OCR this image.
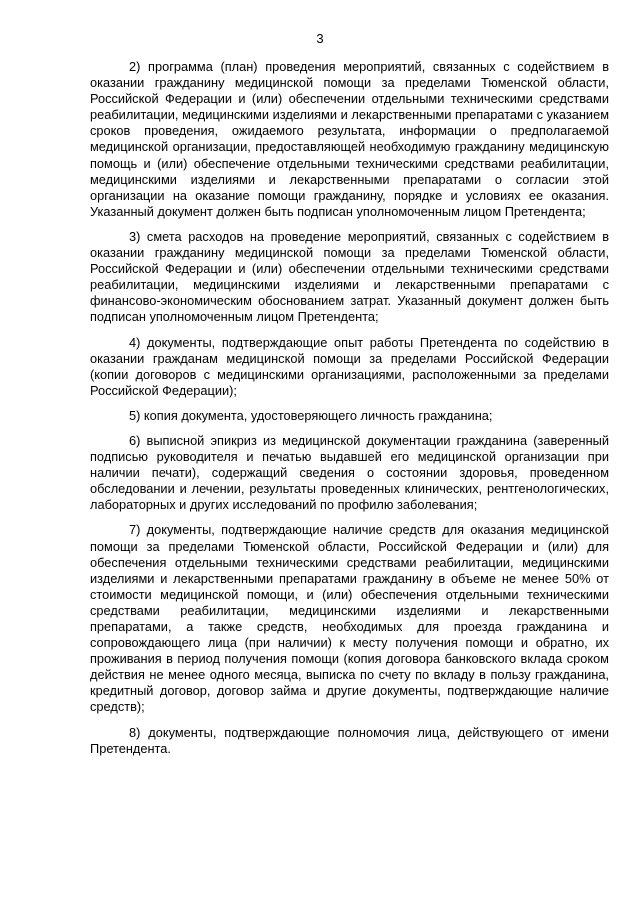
3

2) программа (план) проведения мероприятий, связанных с содействием в оказании гражданину медицинской помощи за пределами Тюменской области, Российской Федерации и (или) обеспечении отдельными техническими средствами реабилитации, медицинскими изделиями и лекарственными препаратами с указанием сроков проведения, ожидаемого результата, информации о предполагаемой медицинской организации, предоставляющей необходимую гражданину медицинскую помощь и (или) обеспечение отдельными техническими средствами реабилитации, медицинскими изделиями и лекарственными препаратами о согласии этой организации на оказание помощи гражданину, порядке и условиях ее оказания. Указанный документ должен быть подписан уполномоченным лицом Претендента;

3) смета расходов на проведение мероприятий, связанных с содействием в оказании гражданину медицинской помощи за пределами Тюменской области, Российской Федерации и (или) обеспечении отдельными техническими средствами реабилитации, медицинскими изделиями и лекарственными препаратами с финансово-экономическим обоснованием затрат. Указанный документ должен быть подписан уполномоченным лицом Претендента;

4) документы, подтверждающие опыт работы Претендента по содействию в оказании гражданам медицинской помощи за пределами Российской Федерации (копии договоров с медицинскими организациями, расположенными за пределами Российской Федерации);

5) копия документа, удостоверяющего личность гражданина;

6) выписной эпикриз из медицинской документации гражданина (заверенный подписью руководителя и печатью выдавшей его медицинской организации при наличии печати), содержащий сведения о состоянии здоровья, проведенном обследовании и лечении, результаты проведенных клинических, рентгенологических, лабораторных и других исследований по профилю заболевания;

7) документы, подтверждающие наличие средств для оказания медицинской помощи за пределами Тюменской области, Российской Федерации и (или) для обеспечения отдельными техническими средствами реабилитации, медицинскими изделиями и лекарственными препаратами гражданину в объеме не менее 50% от стоимости медицинской помощи, и (или) обеспечения отдельными техническими средствами реабилитации, медицинскими изделиями и лекарственными препаратами, а также средств, необходимых для проезда гражданина и сопровождающего лица (при наличии) к месту получения помощи и обратно, их проживания в период получения помощи (копия договора банковского вклада сроком действия не менее одного месяца, выписка по счету по вкладу в пользу гражданина, кредитный договор, договор займа и другие документы, подтверждающие наличие средств);

8) документы, подтверждающие полномочия лица, действующего от имени Претендента.
